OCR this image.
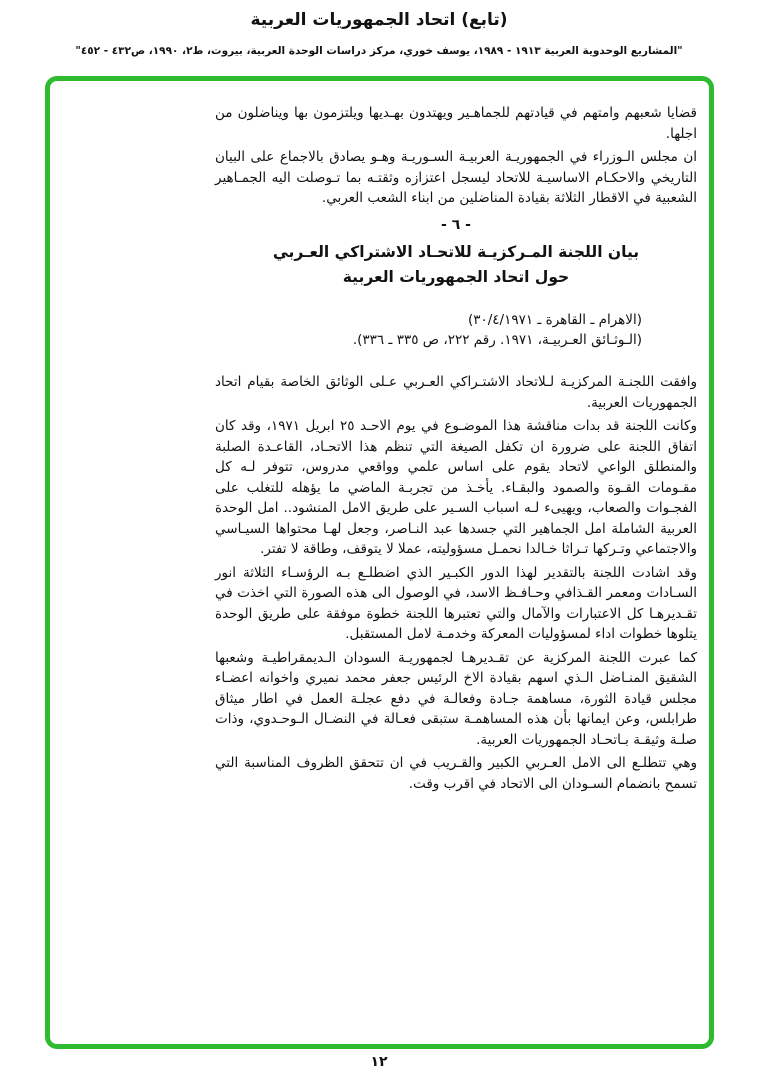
(تابع) اتحاد الجمهوريات العربية
"المشاريع الوحدوية العربية ١٩١٣ - ١٩٨٩، يوسف خوري، مركز دراسات الوحدة العربية، بيروت، ط٢، ١٩٩٠، ص٤٣٢ - ٤٥٢"

قضايا شعبهم وامتهم في قيادتهم للجماهـير ويهتدون بهـديها ويلتزمون بها ويناضلون من اجلها.

ان مجلس الـوزراء في الجمهوريـة العربيـة السـوريـة وهـو يصادق بالاجماع على البيان التاريخي والاحكـام الاساسيـة للاتحاد ليسجل اعتزازه وثقتـه بما تـوصلت اليه الجمـاهير الشعبية في الاقطار الثلاثة بقيادة المناضلين من ابناء الشعب العربي.

- ٦ -
بيان اللجنة المـركزيـة للاتحـاد الاشتراكي العـربي
حول اتحاد الجمهوريات العربية
(الاهرام ـ القاهرة ـ ٣٠/٤/١٩٧١)
(الـوثـائق العـربيـة، ١٩٧١. رقم ٢٢٢، ص ٣٣٥ ـ ٣٣٦).

وافقت اللجنـة المركزيـة لـلاتحاد الاشتـراكي العـربي عـلى الوثائق الخاصة بقيام اتحاد الجمهوريات العربية.

وكانت اللجنة قد بدات مناقشة هذا الموضـوع في يوم الاحـد ٢٥ ابريل ١٩٧١، وقد كان اتفاق اللجنة على ضرورة ان تكفل الصيغة التي تنظم هذا الاتحـاد، القاعـدة الصلبة والمنطلق الواعي لاتحاد يقوم على اساس علمي وواقعي مدروس، تتوفر لـه كل مقـومات القـوة والصمود والبقـاء. يأخـذ من تجربـة الماضي ما يؤهله للتغلب على الفجـوات والصعاب، ويهيىء لـه اسباب السـير على طريق الامل المنشود.. امل الوحدة العربية الشاملة امل الجماهير التي جسدها عبد النـاصر، وجعل لهـا محتواها السيـاسي والاجتماعي وتـركها تـراثا خـالدا نحمـل مسؤوليته، عملا لا يتوقف، وطاقة لا تفتر.

وقد اشادت اللجنة بالتقدير لهذا الدور الكبـير الذي اضطلـع بـه الرؤسـاء الثلاثة انور السـادات ومعمر القـذافي وحـافـظ الاسد، في الوصول الى هذه الصورة التي اخذت في تقـديرهـا كل الاعتبارات والآمال والتي تعتبرها اللجنة خطوة موفقة على طريق الوحدة يتلوها خطوات اداء لمسؤوليات المعركة وخدمـة لامل المستقبل.

كما عبرت اللجنة المركزية عن تقـديرهـا لجمهوريـة السودان الـديمقراطيـة وشعبها الشقيق المنـاضل الـذي اسهم بقيادة الاخ الرئيس جعفر محمد نميري واخوانه اعضـاء مجلس قيادة الثورة، مساهمة جـادة وفعالـة في دفع عجلـة العمل في اطار ميثاق طرابلس، وعن ايمانها بأن هذه المساهمـة ستبقى فعـالة في النضـال الـوحـدوي، وذات صلـة وثيقـة بـاتحـاد الجمهوريات العربية.

وهي تتطلـع الى الامل العـربي الكبير والقـريب في ان تتحقق الظروف المناسبة التي تسمح بانضمام السـودان الى الاتحاد في اقرب وقت.

١٢
